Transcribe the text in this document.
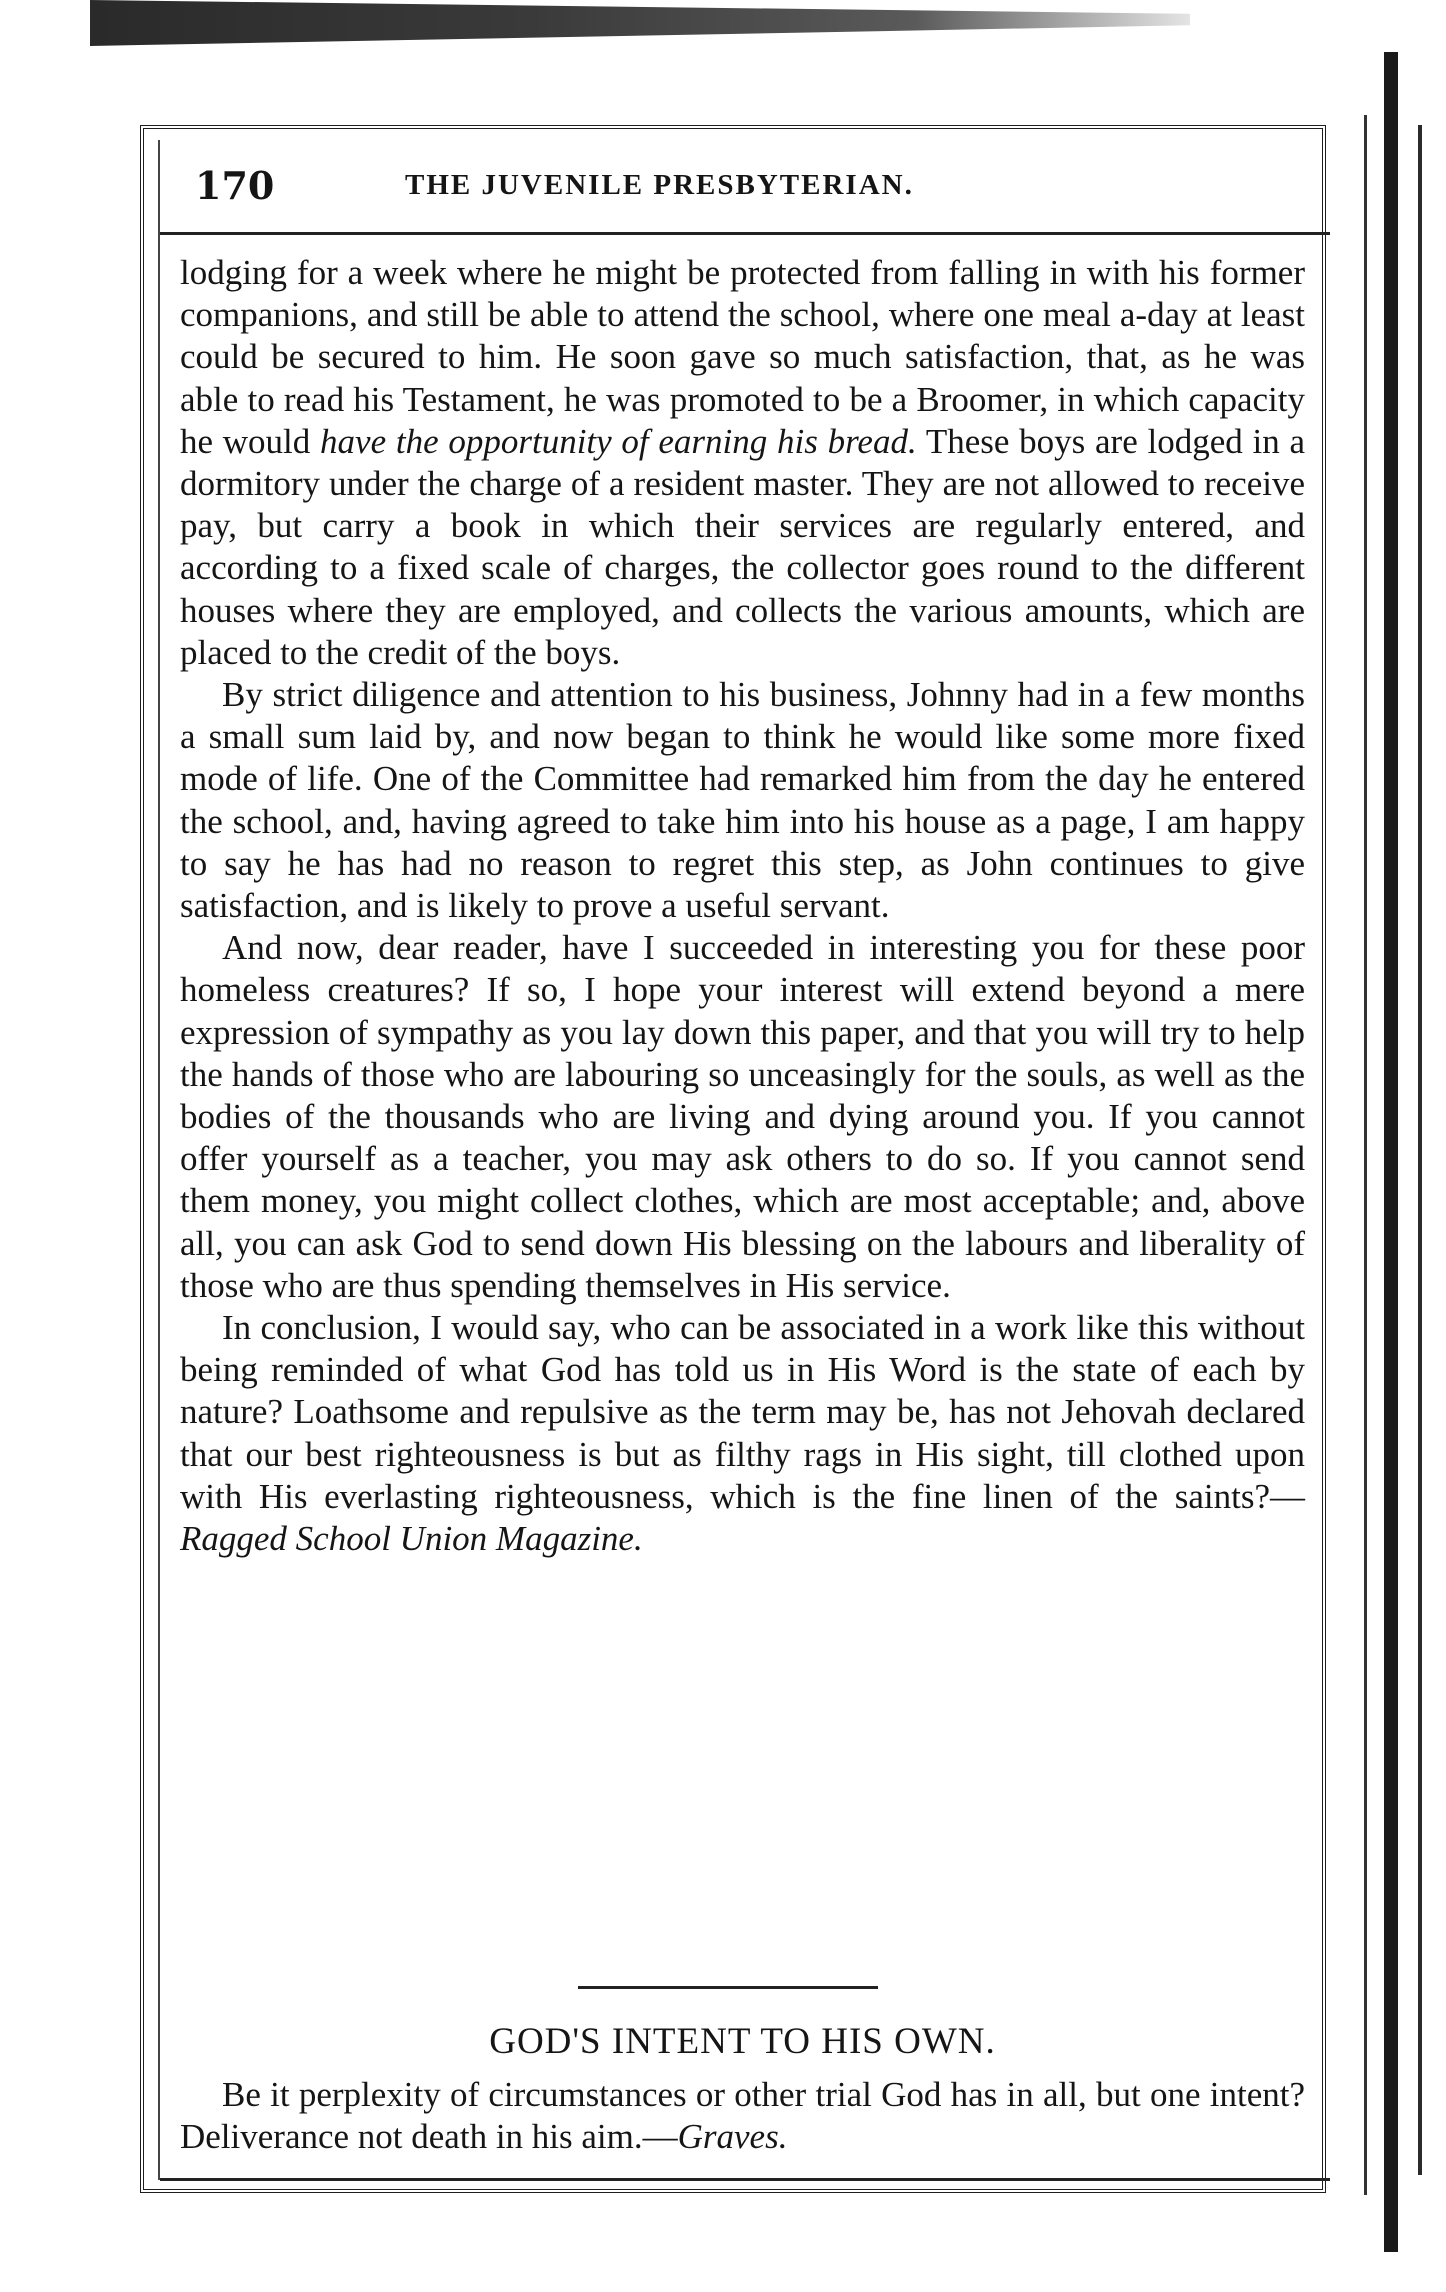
170	THE JUVENILE PRESBYTERIAN.

lodging for a week where he might be protected from falling in with his former companions, and still be able to attend the school, where one meal a-day at least could be secured to him. He soon gave so much satisfaction, that, as he was able to read his Testament, he was promoted to be a Broomer, in which capacity he would have the opportunity of earning his bread. These boys are lodged in a dormitory under the charge of a resident master. They are not allowed to receive pay, but carry a book in which their services are regularly entered, and according to a fixed scale of charges, the collector goes round to the different houses where they are employed, and collects the various amounts, which are placed to the credit of the boys.

By strict diligence and attention to his business, Johnny had in a few months a small sum laid by, and now began to think he would like some more fixed mode of life. One of the Committee had remarked him from the day he entered the school, and, having agreed to take him into his house as a page, I am happy to say he has had no reason to regret this step, as John continues to give satisfaction, and is likely to prove a useful servant.

And now, dear reader, have I succeeded in interesting you for these poor homeless creatures? If so, I hope your interest will extend beyond a mere expression of sympathy as you lay down this paper, and that you will try to help the hands of those who are labouring so unceasingly for the souls, as well as the bodies of the thousands who are living and dying around you. If you cannot offer yourself as a teacher, you may ask others to do so. If you cannot send them money, you might collect clothes, which are most acceptable; and, above all, you can ask God to send down His blessing on the labours and liberality of those who are thus spending themselves in His service.

In conclusion, I would say, who can be associated in a work like this without being reminded of what God has told us in His Word is the state of each by nature? Loathsome and repulsive as the term may be, has not Jehovah declared that our best righteousness is but as filthy rags in His sight, till clothed upon with His everlasting righteousness, which is the fine linen of the saints?—Ragged School Union Magazine.

GOD'S INTENT TO HIS OWN.

Be it perplexity of circumstances or other trial God has in all, but one intent? Deliverance not death in his aim.—Graves.
